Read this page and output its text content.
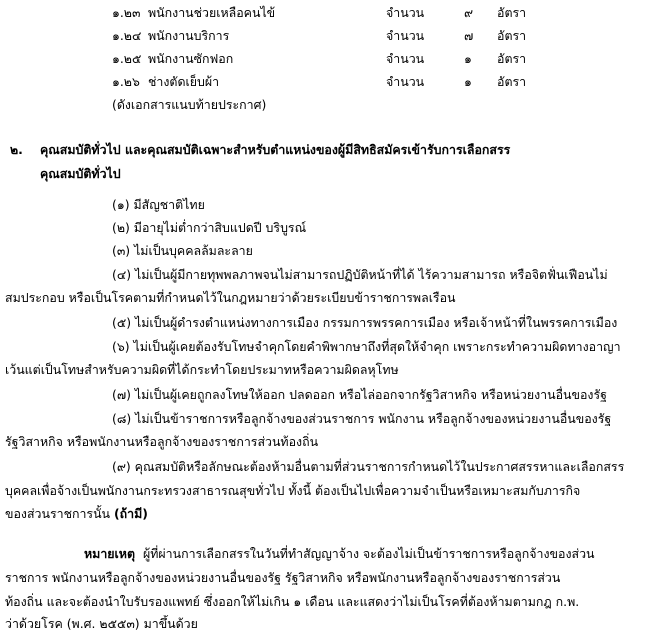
๑.๒๓ พนักงานช่วยเหลือคนไข้	จำนวน	๙ อัตรา
๑.๒๔ พนักงานบริการ	จำนวน	๗ อัตรา
๑.๒๕ พนักงานซักฟอก	จำนวน	๑ อัตรา
๑.๒๖ ช่างตัดเย็บผ้า	จำนวน	๑ อัตรา
(ดังเอกสารแนบท้ายประกาศ)
๒. คุณสมบัติทั่วไป และคุณสมบัติเฉพาะสำหรับตำแหน่งของผู้มีสิทธิสมัครเข้ารับการเลือกสรร
คุณสมบัติทั่วไป
(๑) มีสัญชาติไทย
(๒) มีอายุไม่ต่ำกว่าสิบแปดปี บริบูรณ์
(๓) ไม่เป็นบุคคลล้มละลาย
(๔) ไม่เป็นผู้มีกายทุพพลภาพจนไม่สามารถปฏิบัติหน้าที่ได้ ไร้ความสามารถ หรือจิตฟั่นเฟือนไม่
สมประกอบ หรือเป็นโรคตามที่กำหนดไว้ในกฎหมายว่าด้วยระเบียบข้าราชการพลเรือน
(๕) ไม่เป็นผู้ดำรงตำแหน่งทางการเมือง กรรมการพรรคการเมือง หรือเจ้าหน้าที่ในพรรคการเมือง
(๖) ไม่เป็นผู้เคยต้องรับโทษจำคุกโดยคำพิพากษาถึงที่สุดให้จำคุก เพราะกระทำความผิดทางอาญา
เว้นแต่เป็นโทษสำหรับความผิดที่ได้กระทำโดยประมาทหรือความผิดลหุโทษ
(๗) ไม่เป็นผู้เคยถูกลงโทษให้ออก ปลดออก หรือไล่ออกจากรัฐวิสาหกิจ หรือหน่วยงานอื่นของรัฐ
(๘) ไม่เป็นข้าราชการหรือลูกจ้างของส่วนราชการ พนักงาน หรือลูกจ้างของหน่วยงานอื่นของรัฐ
รัฐวิสาหกิจ หรือพนักงานหรือลูกจ้างของราชการส่วนท้องถิ่น
(๙) คุณสมบัติหรือลักษณะต้องห้ามอื่นตามที่ส่วนราชการกำหนดไว้ในประกาศสรรหาและเลือกสรร
บุคคลเพื่อจ้างเป็นพนักงานกระทรวงสาธารณสุขทั่วไป ทั้งนี้ ต้องเป็นไปเพื่อความจำเป็นหรือเหมาะสมกับภารกิจ
ของส่วนราชการนั้น (ถ้ามี)
หมายเหตุ ผู้ที่ผ่านการเลือกสรรในวันที่ทำสัญญาจ้าง จะต้องไม่เป็นข้าราชการหรือลูกจ้างของส่วน
ราชการ พนักงานหรือลูกจ้างของหน่วยงานอื่นของรัฐ รัฐวิสาหกิจ หรือพนักงานหรือลูกจ้างของราชการส่วน
ท้องถิ่น และจะต้องนำใบรับรองแพทย์ ซึ่งออกให้ไม่เกิน ๑ เดือน และแสดงว่าไม่เป็นโรคที่ต้องห้ามตามกฎ ก.พ.
ว่าด้วยโรค (พ.ศ. ๒๕๕๓) มาขึ้นด้วย
